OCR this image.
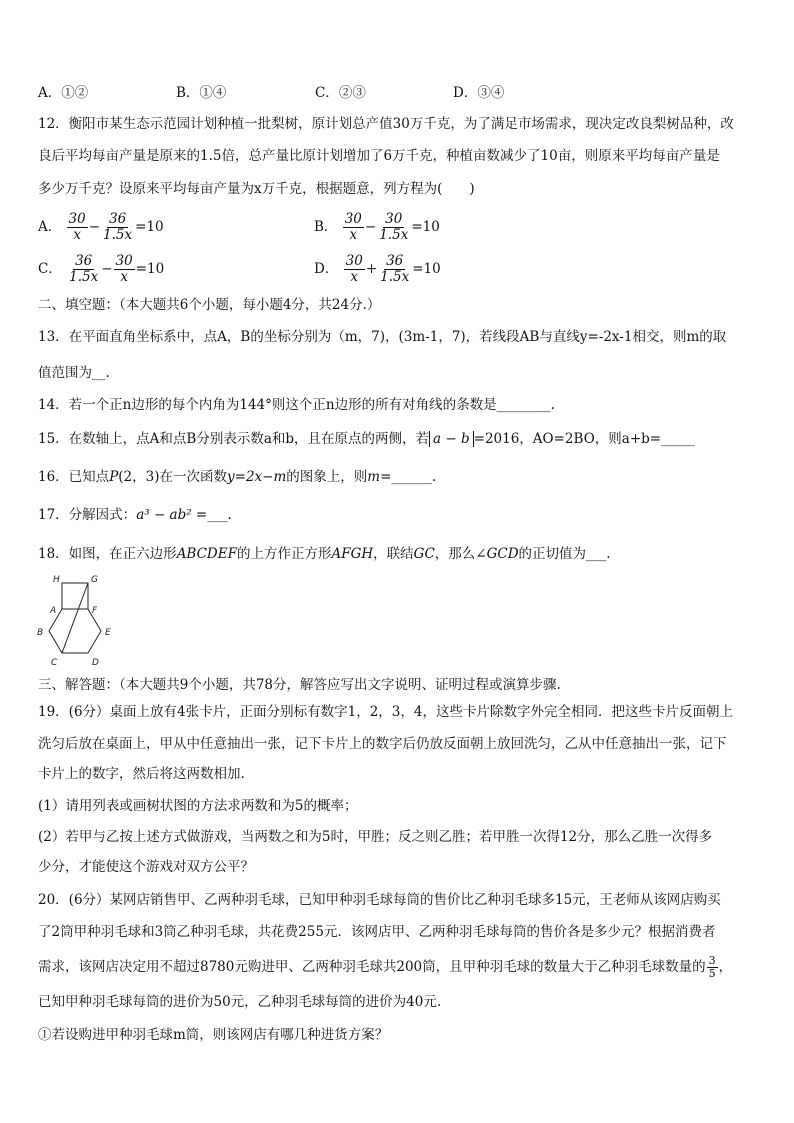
A．①②	B．①④	C．②③	D．③④
12．衡阳市某生态示范园计划种植一批梨树，原计划总产值30万千克，为了满足市场需求，现决定改良梨树品种，改
良后平均每亩产量是原来的1.5倍，总产量比原计划增加了6万千克，种植亩数减少了10亩，则原来平均每亩产量是
多少万千克？设原来平均每亩产量为x万千克，根据题意，列方程为(　　)
A． $\frac{30}{x} - \frac{36}{1.5x} =10$	B． $\frac{30}{x} - \frac{30}{1.5x} =10$
C． $\frac{36}{1.5x} - \frac{30}{x} =10$	D． $\frac{30}{x} + \frac{36}{1.5x} =10$
二、填空题：（本大题共6个小题，每小题4分，共24分.）
13．在平面直角坐标系中，点A，B的坐标分别为（m，7)，(3m-1，7)，若线段AB与直线y=-2x-1相交，则m的取
值范围为__.
14．若一个正n边形的每个内角为144°则这个正n边形的所有对角线的条数是________.
15．在数轴上，点A和点B分别表示数a和b，且在原点的两侧，若 a − b =2016，AO=2BO，则a+b=_____
16．已知点P(2，3)在一次函数y=2x−m的图象上，则m=______.
17．分解因式：a³ − ab² =___.
18．如图，在正六边形ABCDEF的上方作正方形AFGH，联结GC，那么∠GCD的正切值为___.
H	G
A	F
B	E
C	D
三、解答题：（本大题共9个小题，共78分，解答应写出文字说明、证明过程或演算步骤.
19．(6分）桌面上放有4张卡片，正面分别标有数字1，2，3，4，这些卡片除数字外完全相同．把这些卡片反面朝上
洗匀后放在桌面上，甲从中任意抽出一张，记下卡片上的数字后仍放反面朝上放回洗匀，乙从中任意抽出一张，记下
卡片上的数字，然后将这两数相加.
(1）请用列表或画树状图的方法求两数和为5的概率；
(2）若甲与乙按上述方式做游戏，当两数之和为5时，甲胜；反之则乙胜；若甲胜一次得12分，那么乙胜一次得多
少分，才能使这个游戏对双方公平？
20．(6分）某网店销售甲、乙两种羽毛球，已知甲种羽毛球每筒的售价比乙种羽毛球多15元，王老师从该网店购买
了2筒甲种羽毛球和3筒乙种羽毛球，共花费255元．该网店甲、乙两种羽毛球每筒的售价各是多少元？根据消费者
需求，该网店决定用不超过8780元购进甲、乙两种羽毛球共200筒，且甲种羽毛球的数量大于乙种羽毛球数量的 $\frac{3}{5}$ ，
已知甲种羽毛球每筒的进价为50元，乙种羽毛球每筒的进价为40元.
①若设购进甲种羽毛球m筒，则该网店有哪几种进货方案？
